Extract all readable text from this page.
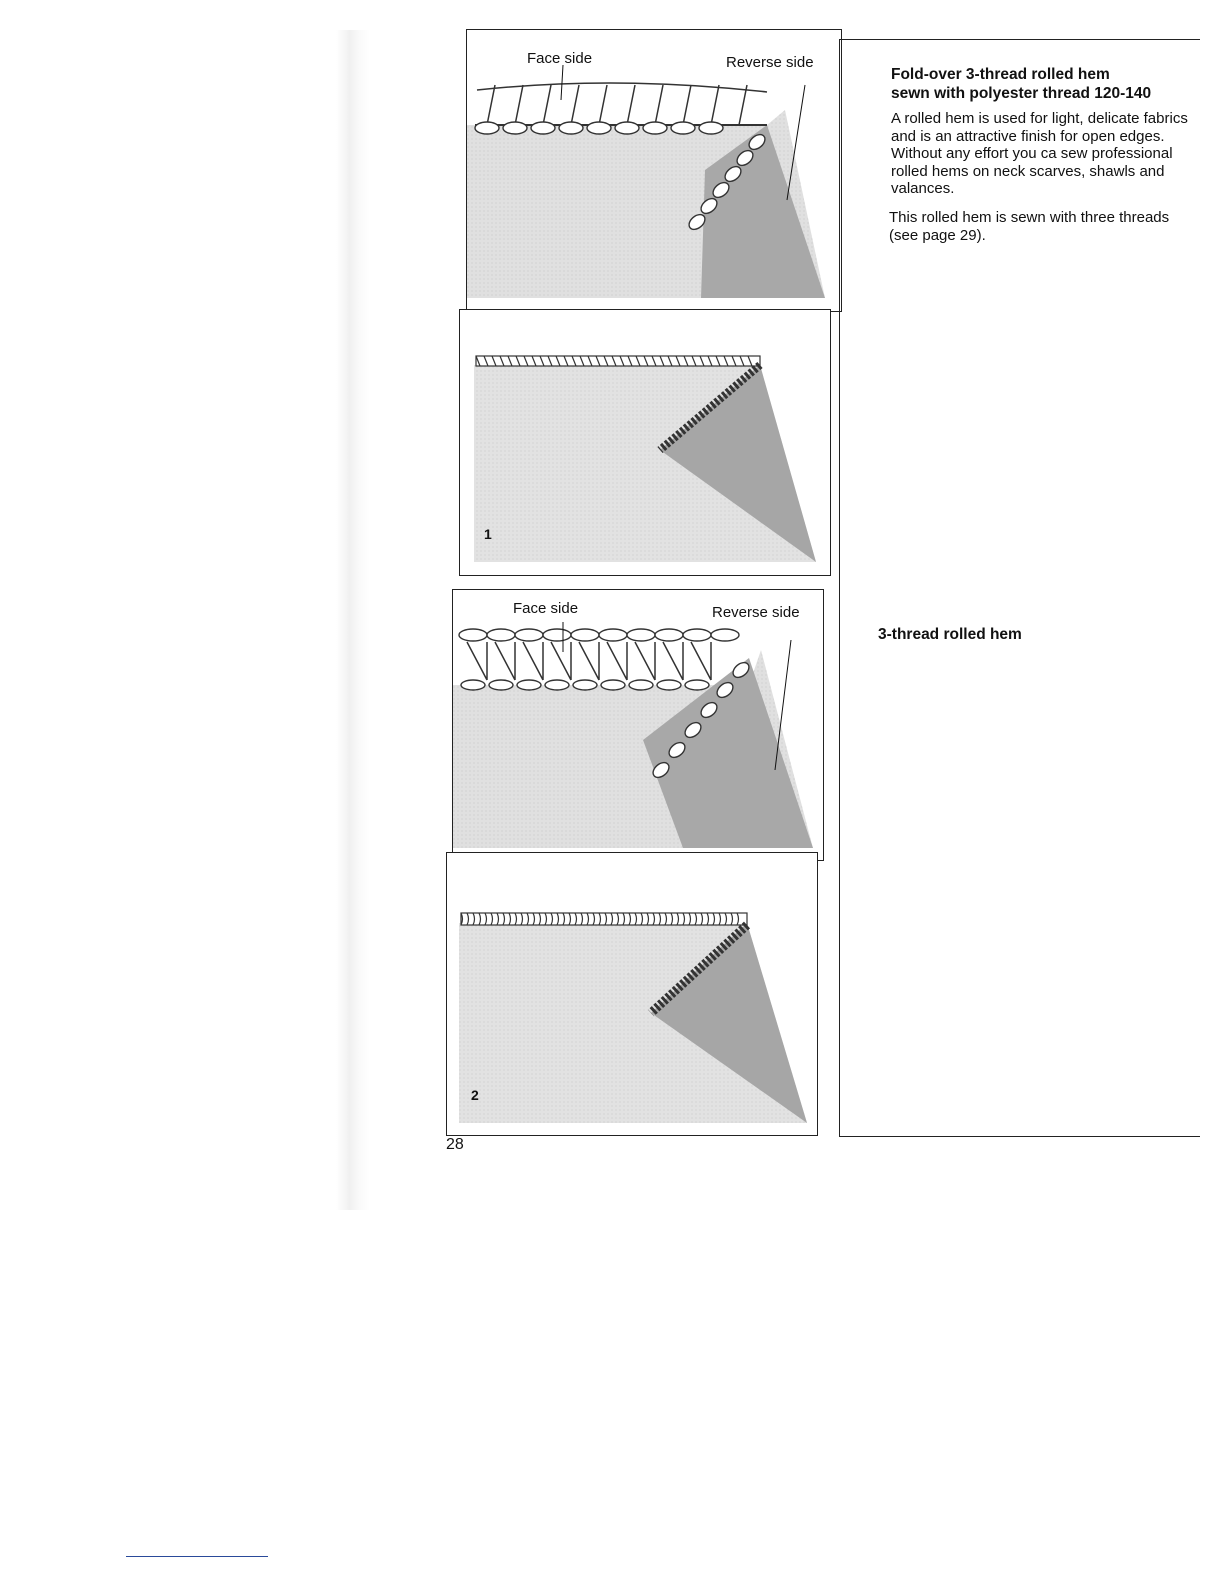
Face side	Reverse side
1
Face side	Reverse side
2
Fold-over 3-thread rolled hem
sewn with polyester thread 120-140
A rolled hem is used for light, delicate fabrics and is an attractive finish for open edges. Without any effort you ca sew professional rolled hems on neck scarves, shawls and valances.
This rolled hem is sewn with three threads (see page 29).
3-thread rolled hem
28
